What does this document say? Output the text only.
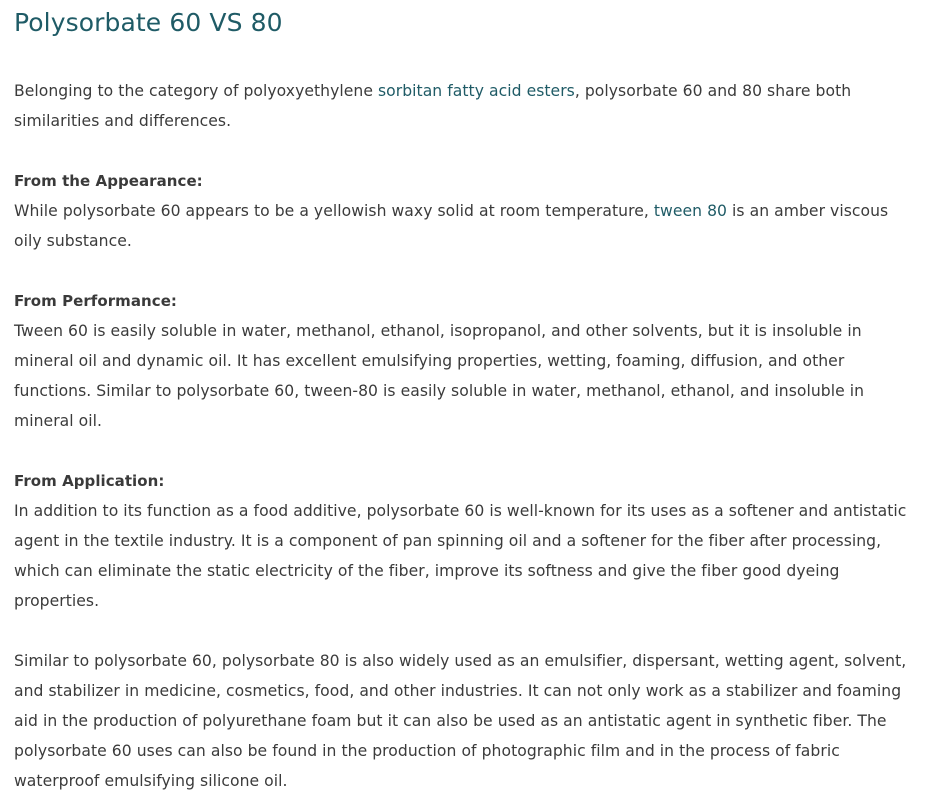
Polysorbate 60 VS 80

Belonging to the category of polyoxyethylene sorbitan fatty acid esters, polysorbate 60 and 80 share both similarities and differences.

From the Appearance:

While polysorbate 60 appears to be a yellowish waxy solid at room temperature, tween 80 is an amber viscous oily substance.

From Performance:

Tween 60 is easily soluble in water, methanol, ethanol, isopropanol, and other solvents, but it is insoluble in mineral oil and dynamic oil. It has excellent emulsifying properties, wetting, foaming, diffusion, and other functions. Similar to polysorbate 60, tween-80 is easily soluble in water, methanol, ethanol, and insoluble in mineral oil.

From Application:

In addition to its function as a food additive, polysorbate 60 is well-known for its uses as a softener and antistatic agent in the textile industry. It is a component of pan spinning oil and a softener for the fiber after processing, which can eliminate the static electricity of the fiber, improve its softness and give the fiber good dyeing properties.

Similar to polysorbate 60, polysorbate 80 is also widely used as an emulsifier, dispersant, wetting agent, solvent, and stabilizer in medicine, cosmetics, food, and other industries. It can not only work as a stabilizer and foaming aid in the production of polyurethane foam but it can also be used as an antistatic agent in synthetic fiber. The polysorbate 60 uses can also be found in the production of photographic film and in the process of fabric waterproof emulsifying silicone oil.
